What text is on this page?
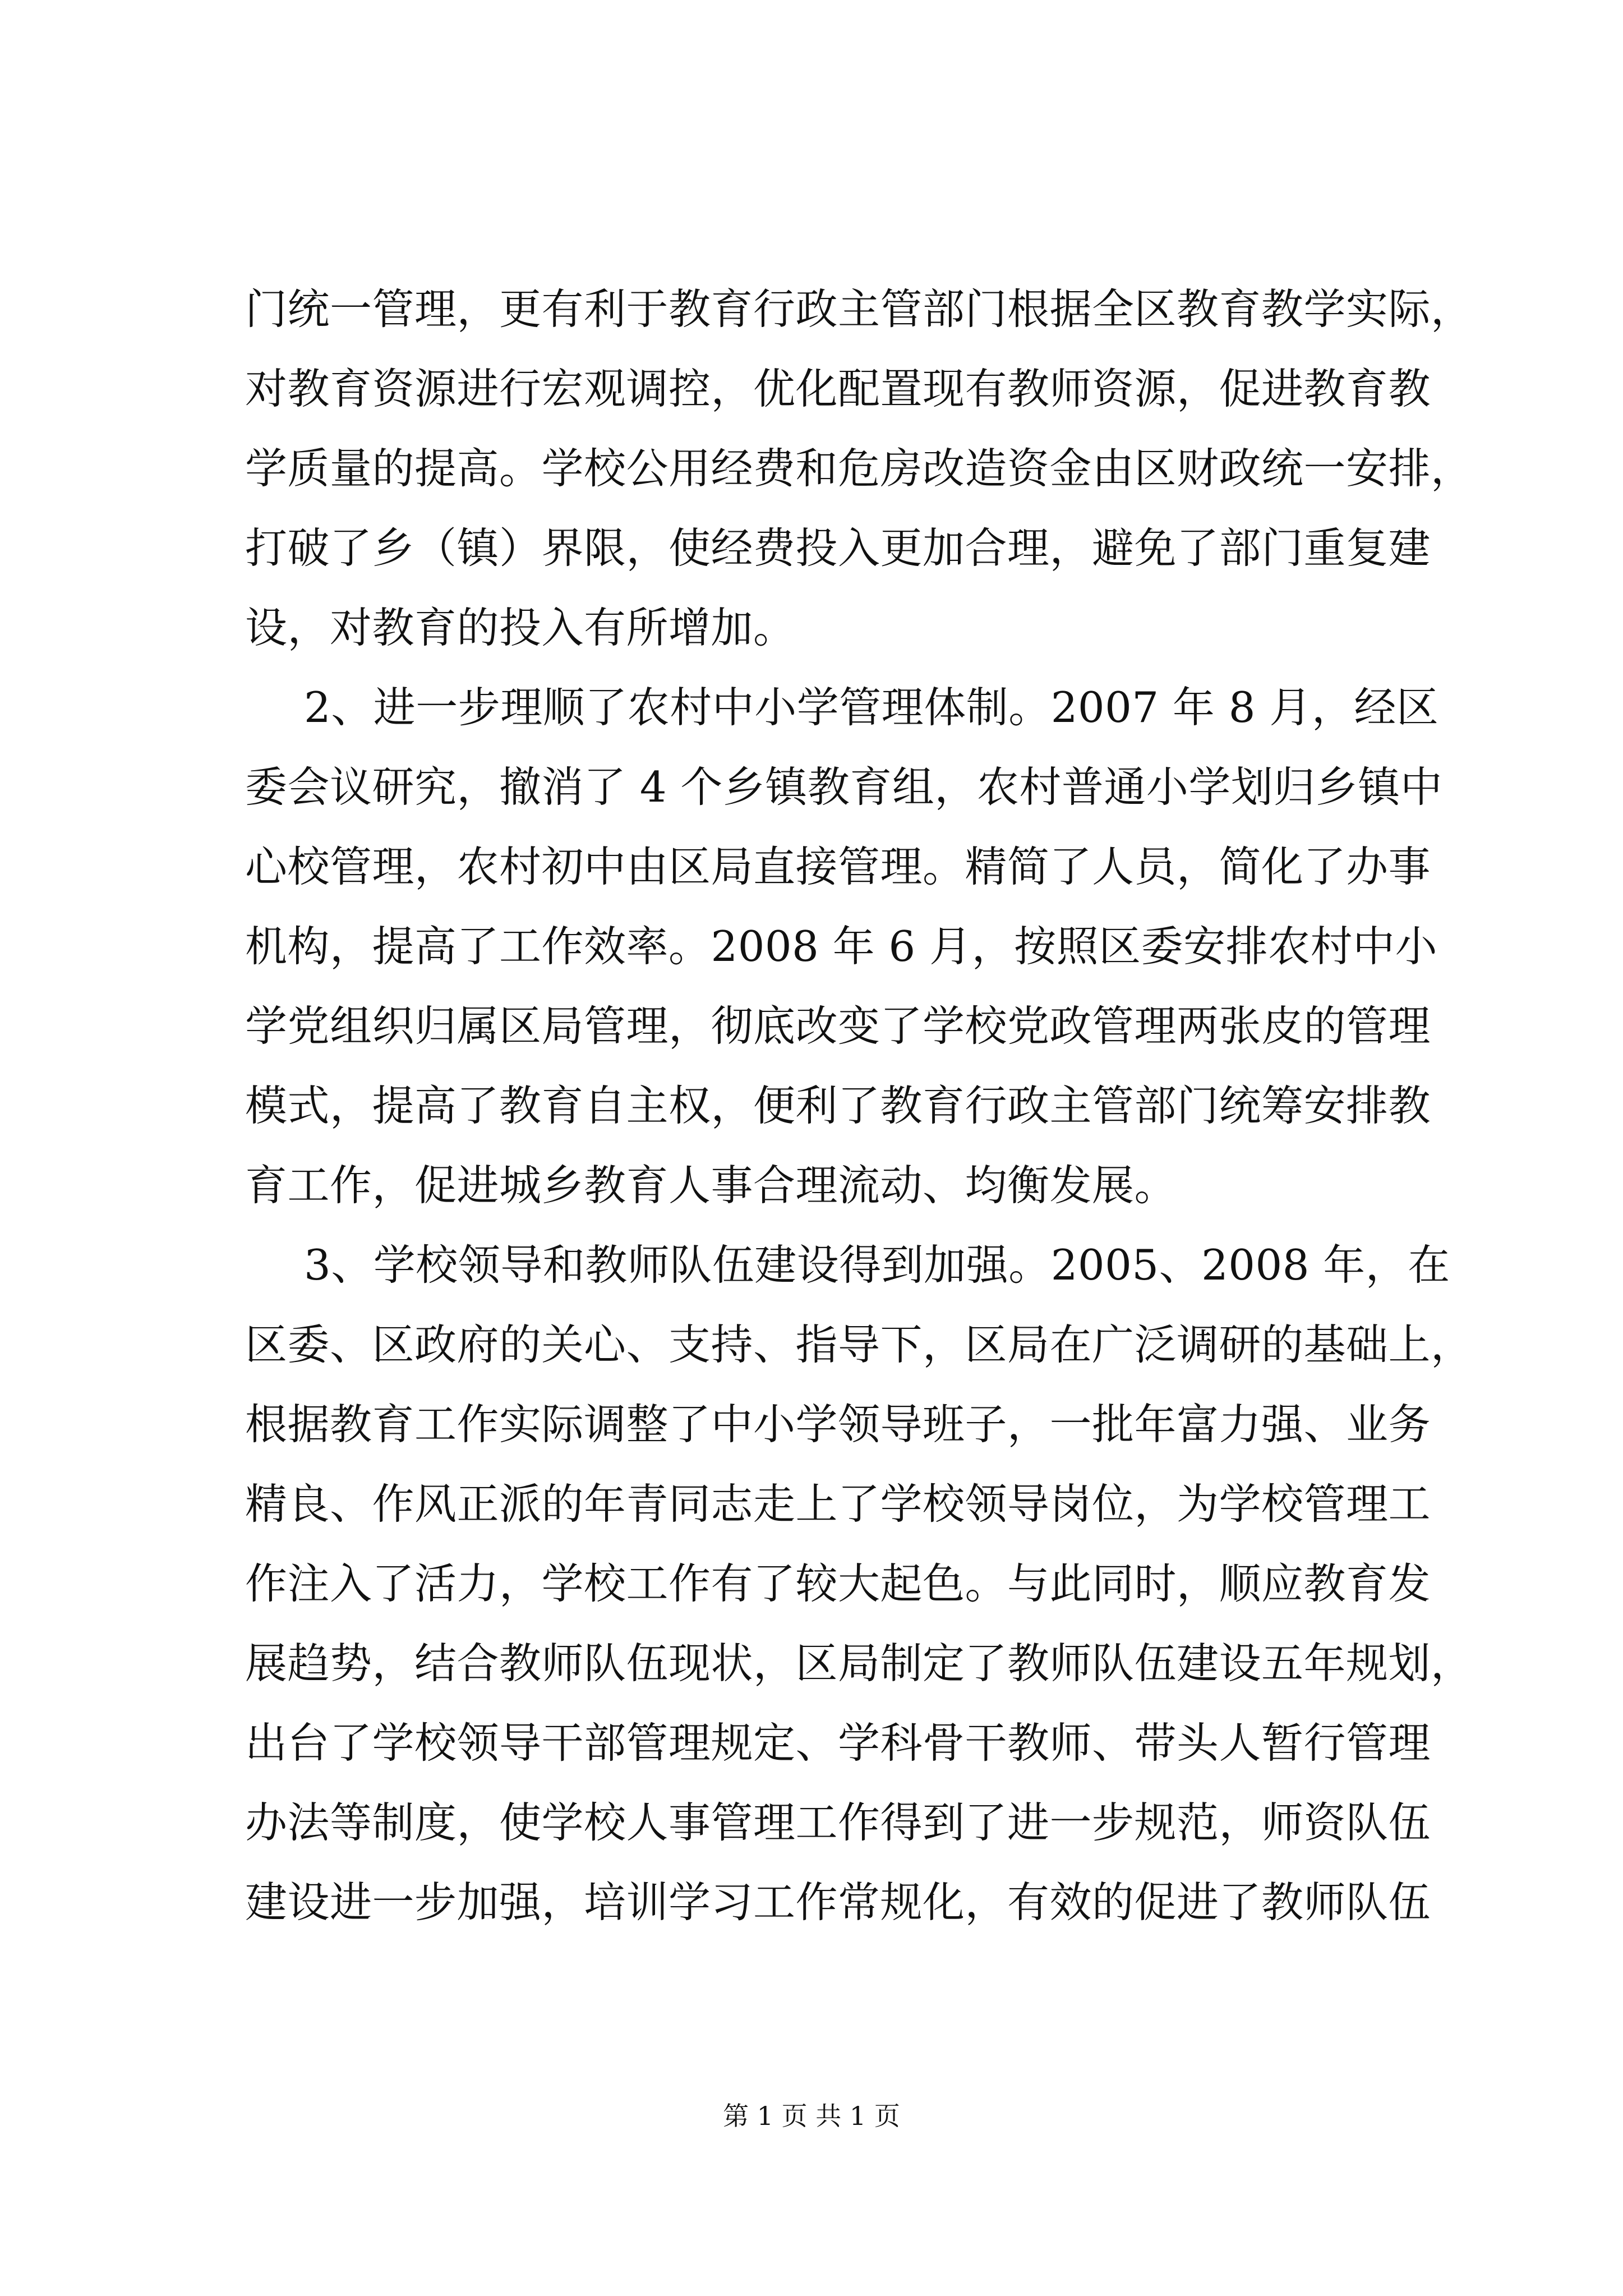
门统一管理，更有利于教育行政主管部门根据全区教育教学实际，
对教育资源进行宏观调控，优化配置现有教师资源，促进教育教
学质量的提高。学校公用经费和危房改造资金由区财政统一安排，
打破了乡（镇）界限，使经费投入更加合理，避免了部门重复建
设，对教育的投入有所增加。
2、进一步理顺了农村中小学管理体制。2007 年 8 月，经区
委会议研究，撤消了 4 个乡镇教育组，农村普通小学划归乡镇中
心校管理，农村初中由区局直接管理。精简了人员，简化了办事
机构，提高了工作效率。2008 年 6 月，按照区委安排农村中小
学党组织归属区局管理，彻底改变了学校党政管理两张皮的管理
模式，提高了教育自主权，便利了教育行政主管部门统筹安排教
育工作，促进城乡教育人事合理流动、均衡发展。
3、学校领导和教师队伍建设得到加强。2005、2008 年，在
区委、区政府的关心、支持、指导下，区局在广泛调研的基础上，
根据教育工作实际调整了中小学领导班子，一批年富力强、业务
精良、作风正派的年青同志走上了学校领导岗位，为学校管理工
作注入了活力，学校工作有了较大起色。与此同时，顺应教育发
展趋势，结合教师队伍现状，区局制定了教师队伍建设五年规划，
出台了学校领导干部管理规定、学科骨干教师、带头人暂行管理
办法等制度，使学校人事管理工作得到了进一步规范，师资队伍
建设进一步加强，培训学习工作常规化，有效的促进了教师队伍
第 1 页 共 1 页
